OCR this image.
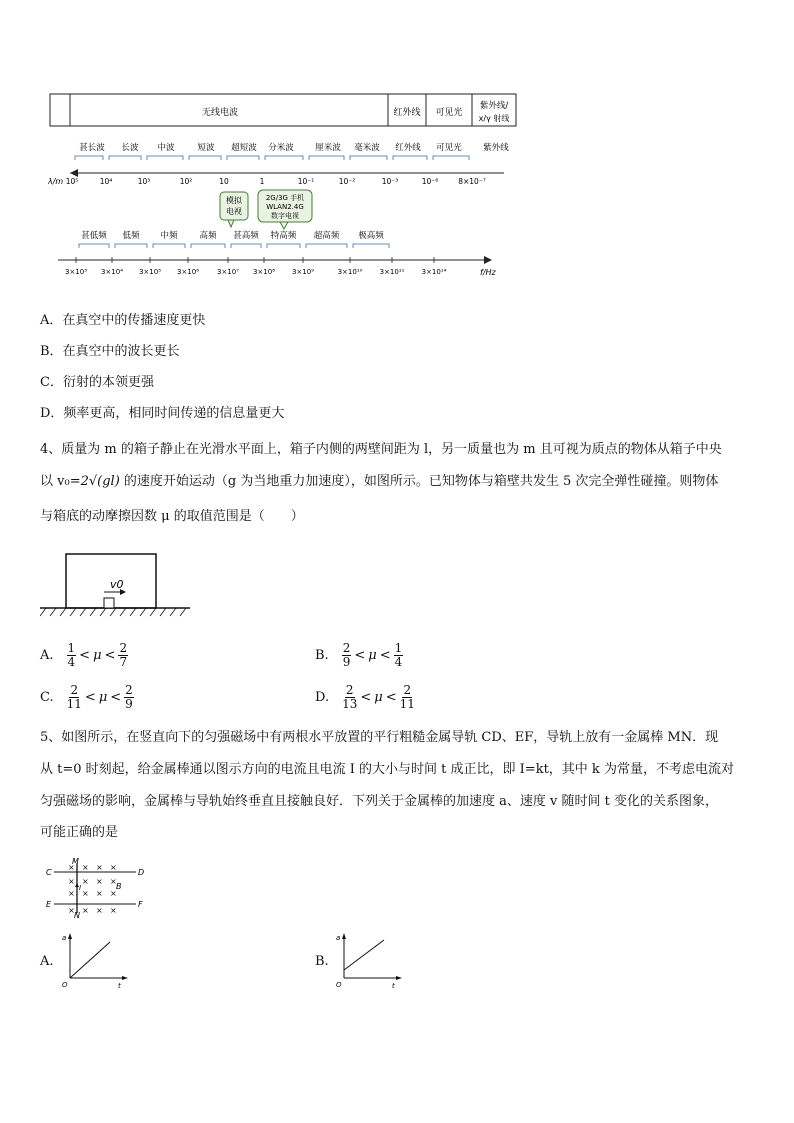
无线电波	红外线 可见光
紫外线/
x/γ 射线
甚长波 长波 中波	短波 超短波 分米波	厘米波 毫米波 红外线 可见光	紫外线
λ/m 10⁵	10⁴	10³	10²	10	1	10⁻¹	10⁻²	10⁻³	10⁻⁶	8×10⁻⁷
模拟
电视
2G/3G 手机
WLAN2.4G
数字电视
甚低频 低频 中频	高频 甚高频 特高频 超高频 极高频
f/Hz
3×10³ 3×10⁴ 3×10⁵ 3×10⁶	3×10⁷ 3×10⁸ 3×10⁹	3×10¹⁰ 3×10¹¹ 3×10¹⁴
A．在真空中的传播速度更快
B．在真空中的波长更长
C．衍射的本领更强
D．频率更高，相同时间传递的信息量更大
4、质量为 m 的箱子静止在光滑水平面上，箱子内侧的两壁间距为 l，另一质量也为 m 且可视为质点的物体从箱子中央
以 v₀=2√(gl) 的速度开始运动（g 为当地重力加速度），如图所示。已知物体与箱壁共发生 5 次完全弹性碰撞。则物体
与箱底的动摩擦因数 μ 的取值范围是（　　）
v0
A. $\frac{1}{4} < \mu < \frac{2}{7}$	B. $\frac{2}{9} < \mu < \frac{1}{4}$
C. $\frac{2}{11} < \mu < \frac{2}{9}$	D. $\frac{2}{13} < \mu < \frac{2}{11}$
5、如图所示，在竖直向下的匀强磁场中有两根水平放置的平行粗糙金属导轨 CD、EF，导轨上放有一金属棒 MN．现
从 t=0 时刻起，给金属棒通以图示方向的电流且电流 I 的大小与时间 t 成正比，即 I=kt，其中 k 为常量，不考虑电流对
匀强磁场的影响，金属棒与导轨始终垂直且接触良好．下列关于金属棒的加速度 a、速度 v 随时间 t 变化的关系图象，
可能正确的是
C	D
E	F
M
N
B
I
× × × ×
× × × ×
× × × ×
× × × ×
A.
a
O	t
B.
a
O	t
